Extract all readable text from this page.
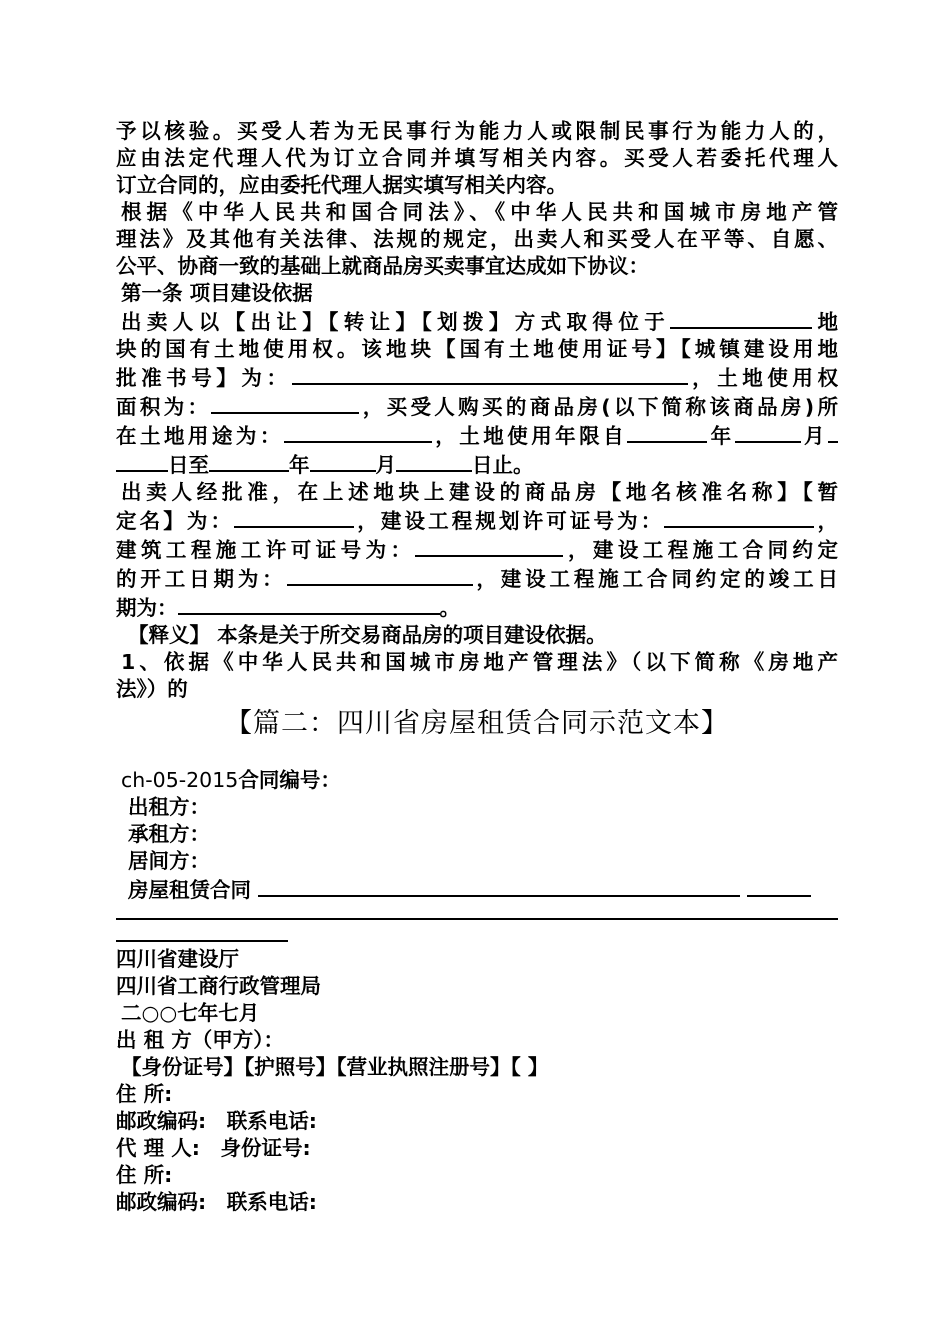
予以核验。买受人若为无民事行为能力人或限制民事行为能力人的，

应由法定代理人代为订立合同并填写相关内容。买受人若委托代理人

订立合同的，应由委托代理人据实填写相关内容。

根据《中华人民共和国合同法》、《中华人民共和国城市房地产管

理法》及其他有关法律、法规的规定，出卖人和买受人在平等、自愿、

公平、协商一致的基础上就商品房买卖事宜达成如下协议：

第一条 项目建设依据

出卖人以【出让】【转让】【划拨】方式取得位于	地

块的国有土地使用权。该地块【国有土地使用证号】【城镇建设用地

批准书号】为：	，土地使用权

面积为：	，买受人购买的商品房(以下简称该商品房)所

在土地用途为：	，土地使用年限自	年	月

日至	年	月	日止。

出卖人经批准，在上述地块上建设的商品房【地名核准名称】【暂

定名】为：	，建设工程规划许可证号为：	，

建筑工程施工许可证号为：	，建设工程施工合同约定

的开工日期为：	，建设工程施工合同约定的竣工日

期为：	。

【释义】 本条是关于所交易商品房的项目建设依据。

1、依据《中华人民共和国城市房地产管理法》（以下简称《房地产

法》）的

【篇二：四川省房屋租赁合同示范文本】

ch-05-2015合同编号：

出租方：

承租方：

居间方：

房屋租赁合同

四川省建设厅

四川省工商行政管理局

二○○七年七月

出 租 方（甲方）：

【身份证号】【护照号】【营业执照注册号】【 】

住 所:

邮政编码:　联系电话:

代 理 人:　身份证号:

住 所:

邮政编码:　联系电话:
